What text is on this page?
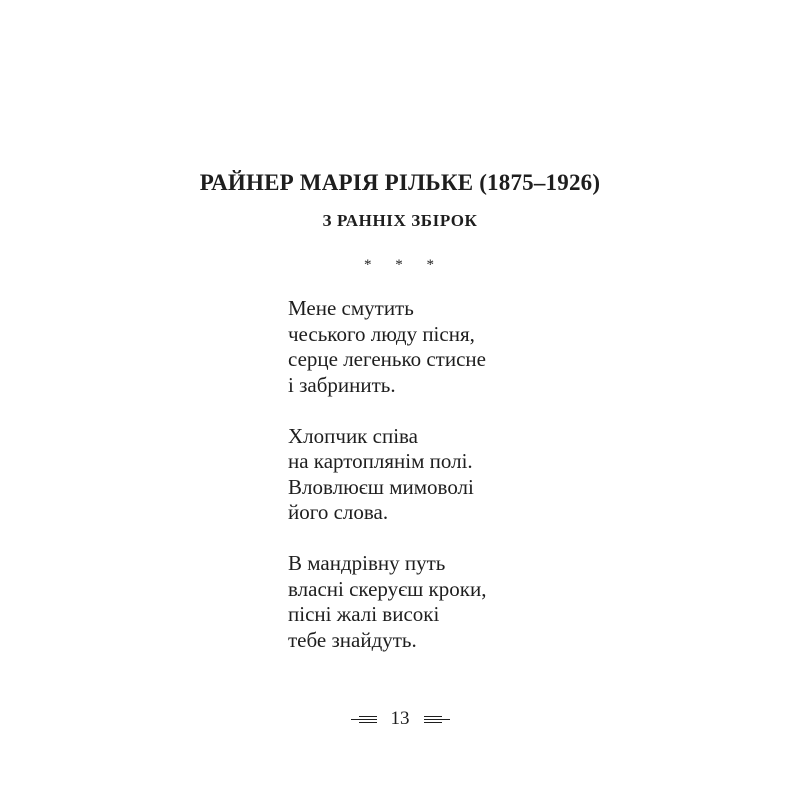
РАЙНЕР МАРІЯ РІЛЬКЕ (1875–1926)
З РАННІХ ЗБІРОК
* * *
Мене смутить
чеського люду пісня,
серце легенько стисне
і забринить.
Хлопчик співа
на картоплянім полі.
Вловлюєш мимоволі
його слова.
В мандрівну путь
власні скеруєш кроки,
пісні жалі високі
тебе знайдуть.
13
